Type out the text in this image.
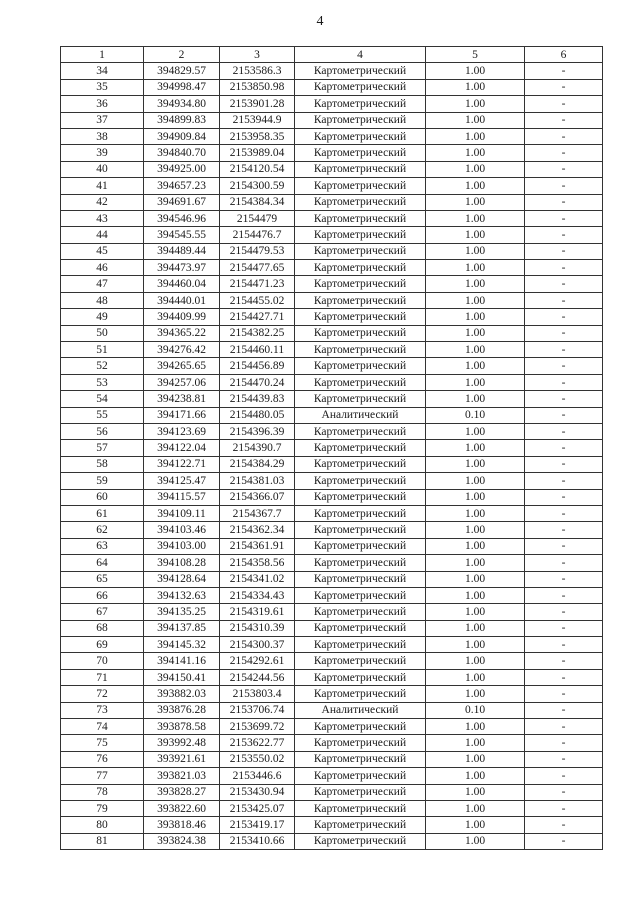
4
1	2	3	4	5	6
34	394829.57	2153586.3	Картометрический	1.00	-
35	394998.47	2153850.98	Картометрический	1.00	-
36	394934.80	2153901.28	Картометрический	1.00	-
37	394899.83	2153944.9	Картометрический	1.00	-
38	394909.84	2153958.35	Картометрический	1.00	-
39	394840.70	2153989.04	Картометрический	1.00	-
40	394925.00	2154120.54	Картометрический	1.00	-
41	394657.23	2154300.59	Картометрический	1.00	-
42	394691.67	2154384.34	Картометрический	1.00	-
43	394546.96	2154479	Картометрический	1.00	-
44	394545.55	2154476.7	Картометрический	1.00	-
45	394489.44	2154479.53	Картометрический	1.00	-
46	394473.97	2154477.65	Картометрический	1.00	-
47	394460.04	2154471.23	Картометрический	1.00	-
48	394440.01	2154455.02	Картометрический	1.00	-
49	394409.99	2154427.71	Картометрический	1.00	-
50	394365.22	2154382.25	Картометрический	1.00	-
51	394276.42	2154460.11	Картометрический	1.00	-
52	394265.65	2154456.89	Картометрический	1.00	-
53	394257.06	2154470.24	Картометрический	1.00	-
54	394238.81	2154439.83	Картометрический	1.00	-
55	394171.66	2154480.05	Аналитический	0.10	-
56	394123.69	2154396.39	Картометрический	1.00	-
57	394122.04	2154390.7	Картометрический	1.00	-
58	394122.71	2154384.29	Картометрический	1.00	-
59	394125.47	2154381.03	Картометрический	1.00	-
60	394115.57	2154366.07	Картометрический	1.00	-
61	394109.11	2154367.7	Картометрический	1.00	-
62	394103.46	2154362.34	Картометрический	1.00	-
63	394103.00	2154361.91	Картометрический	1.00	-
64	394108.28	2154358.56	Картометрический	1.00	-
65	394128.64	2154341.02	Картометрический	1.00	-
66	394132.63	2154334.43	Картометрический	1.00	-
67	394135.25	2154319.61	Картометрический	1.00	-
68	394137.85	2154310.39	Картометрический	1.00	-
69	394145.32	2154300.37	Картометрический	1.00	-
70	394141.16	2154292.61	Картометрический	1.00	-
71	394150.41	2154244.56	Картометрический	1.00	-
72	393882.03	2153803.4	Картометрический	1.00	-
73	393876.28	2153706.74	Аналитический	0.10	-
74	393878.58	2153699.72	Картометрический	1.00	-
75	393992.48	2153622.77	Картометрический	1.00	-
76	393921.61	2153550.02	Картометрический	1.00	-
77	393821.03	2153446.6	Картометрический	1.00	-
78	393828.27	2153430.94	Картометрический	1.00	-
79	393822.60	2153425.07	Картометрический	1.00	-
80	393818.46	2153419.17	Картометрический	1.00	-
81	393824.38	2153410.66	Картометрический	1.00	-
